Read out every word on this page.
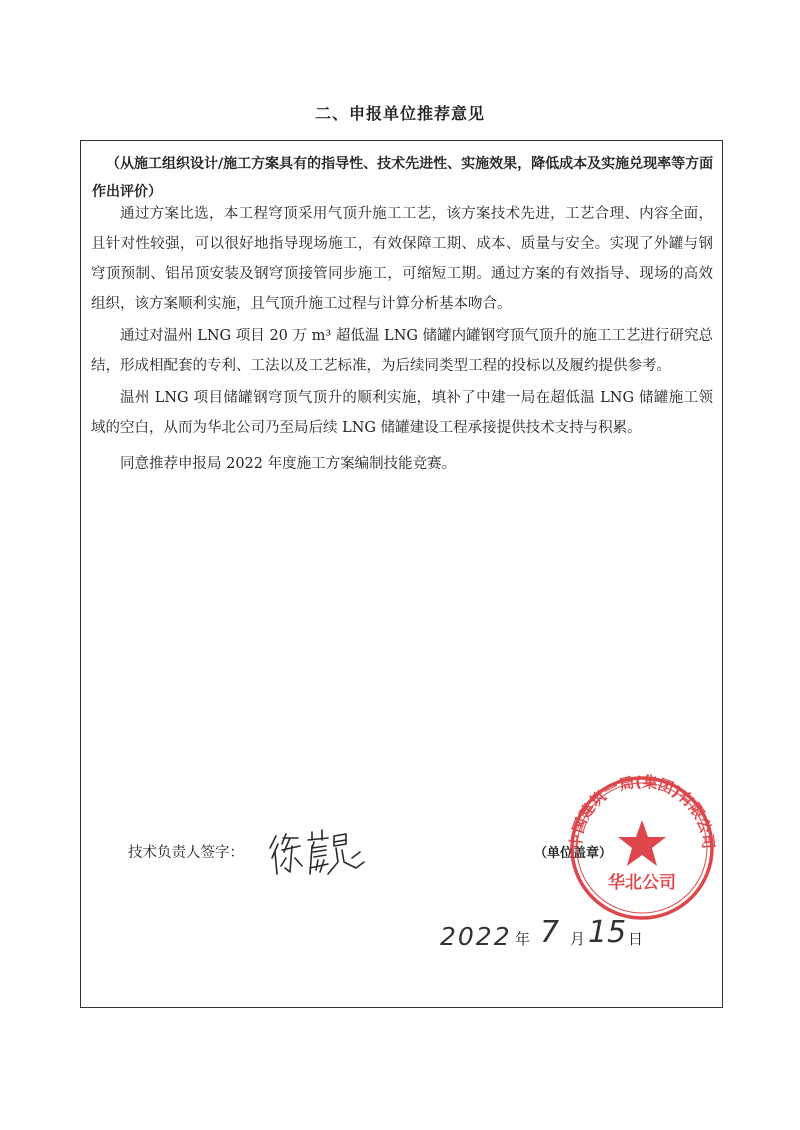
二、申报单位推荐意见

（从施工组织设计/施工方案具有的指导性、技术先进性、实施效果，降低成本及实施兑现率等方面作出评价）

通过方案比选，本工程穹顶采用气顶升施工工艺，该方案技术先进，工艺合理、内容全面，且针对性较强，可以很好地指导现场施工，有效保障工期、成本、质量与安全。实现了外罐与钢穹顶预制、铝吊顶安装及钢穹顶接管同步施工，可缩短工期。通过方案的有效指导、现场的高效组织，该方案顺利实施，且气顶升施工过程与计算分析基本吻合。

通过对温州 LNG 项目 20 万 m³ 超低温 LNG 储罐内罐钢穹顶气顶升的施工工艺进行研究总结，形成相配套的专利、工法以及工艺标准，为后续同类型工程的投标以及履约提供参考。

温州 LNG 项目储罐钢穹顶气顶升的顺利实施，填补了中建一局在超低温 LNG 储罐施工领域的空白，从而为华北公司乃至局后续 LNG 储罐建设工程承接提供技术支持与积累。

同意推荐申报局 2022 年度施工方案编制技能竞赛。

技术负责人签字：	（单位盖章）
中国建筑一局(集团)有限公司
华北公司
2022 年 7 月 15 日
